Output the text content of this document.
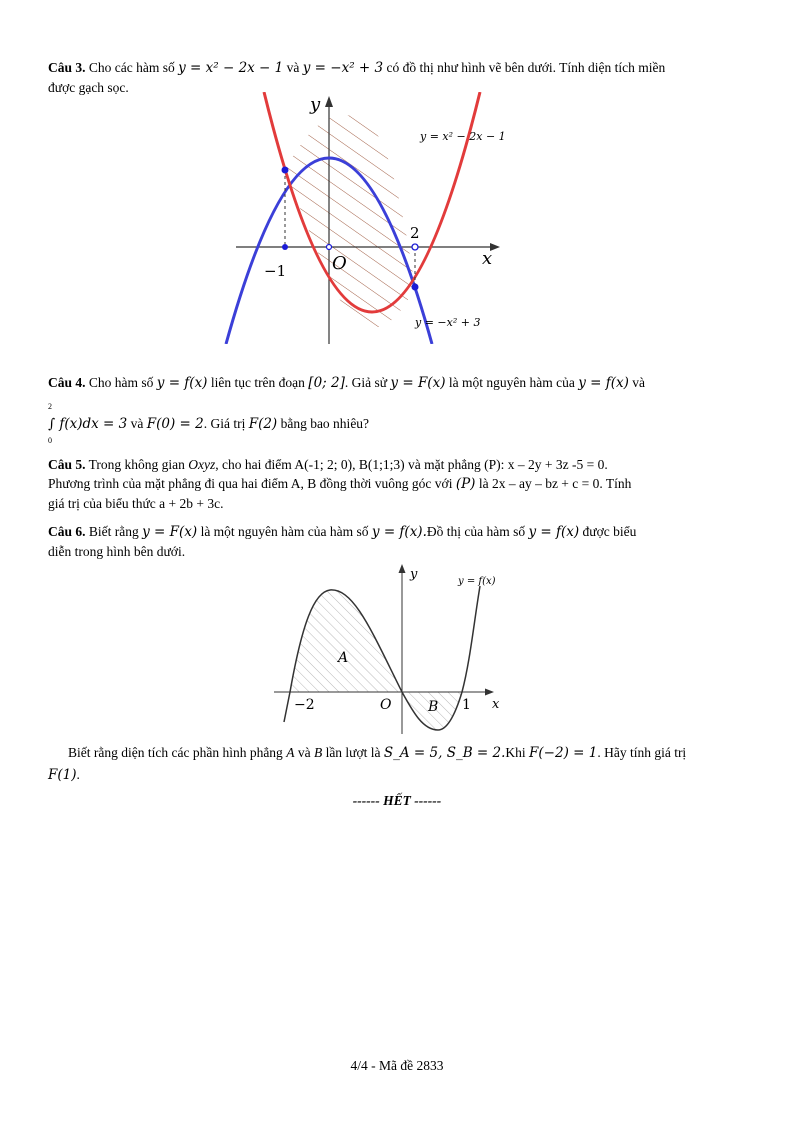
Câu 3. Cho các hàm số y = x² − 2x − 1 và y = −x² + 3 có đồ thị như hình vẽ bên dưới. Tính diện tích miền
được gạch sọc.
y
x
O
−1
2
y = x² − 2x − 1
y = −x² + 3
Câu 4. Cho hàm số y = f(x) liên tục trên đoạn [0; 2]. Giả sử y = F(x) là một nguyên hàm của y = f(x) và
2
0
∫ f(x)dx = 3 và F(0) = 2. Giá trị F(2) bằng bao nhiêu?
Câu 5. Trong không gian Oxyz, cho hai điểm A(-1; 2; 0), B(1;1;3) và mặt phẳng (P): x – 2y + 3z -5 = 0.
Phương trình của mặt phẳng đi qua hai điểm A, B đồng thời vuông góc với (P) là 2x – ay – bz + c = 0. Tính
giá trị của biểu thức a + 2b + 3c.
Câu 6. Biết rằng y = F(x) là một nguyên hàm của hàm số y = f(x).Đồ thị của hàm số y = f(x) được biểu
diễn trong hình bên dưới.
y
x
O
−2	1
A
B
y = f(x)
Biết rằng diện tích các phần hình phẳng A và B lần lượt là S_A = 5, S_B = 2.Khi F(−2) = 1. Hãy tính giá trị
F(1).
------ HẾT ------
4/4 - Mã đề 2833
